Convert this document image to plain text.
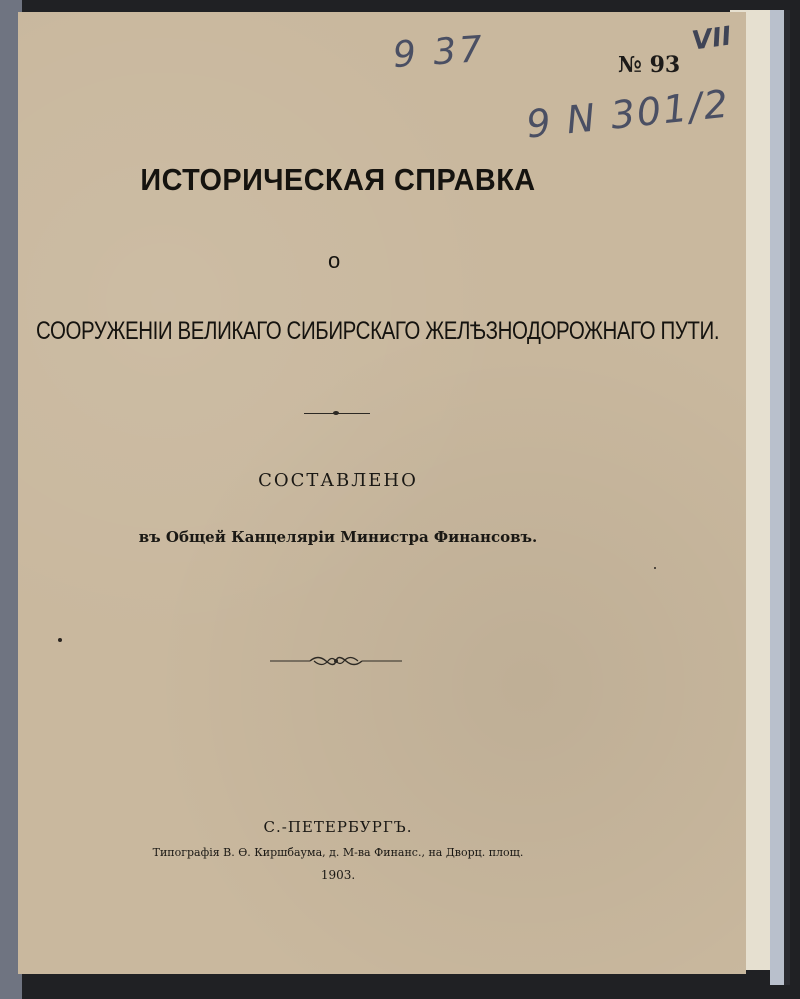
9 37
9 N 301/2
VII
№ 93
ИСТОРИЧЕСКАЯ СПРАВКА
о
СООРУЖЕНІИ ВЕЛИКАГО СИБИРСКАГО ЖЕЛѢЗНОДОРОЖНАГО ПУТИ.
СОСТАВЛЕНО
въ Общей Канцеляріи Министра Финансовъ.
С.-ПЕТЕРБУРГЪ.
Типографія В. Ѳ. Киршбаума, д. М-ва Финанс., на Дворц. площ.
1903.
